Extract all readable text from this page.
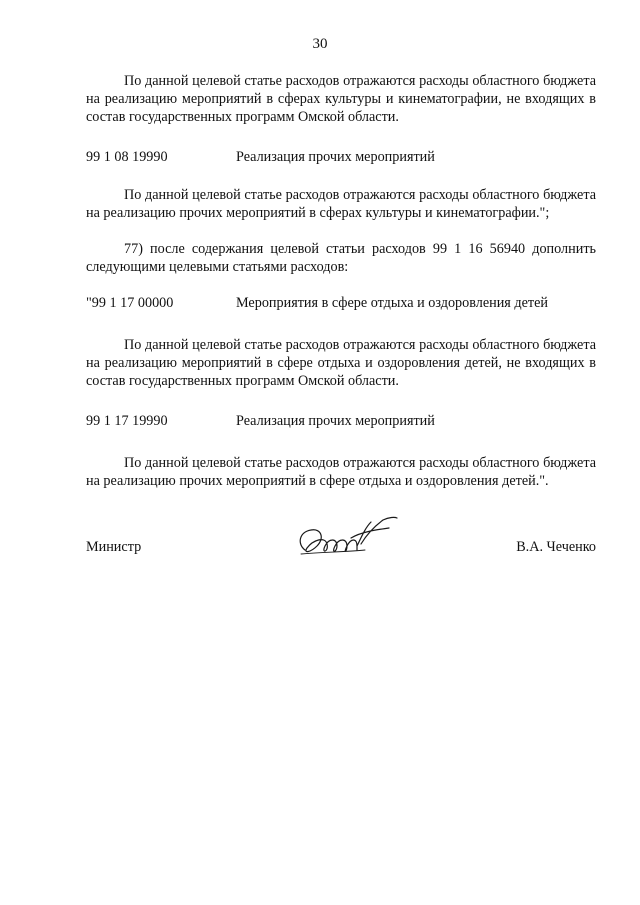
30
По данной целевой статье расходов отражаются расходы областного бюджета на реализацию мероприятий в сферах культуры и кинематографии, не входящих в состав государственных программ Омской области.
99 1 08 19990	Реализация прочих мероприятий
По данной целевой статье расходов отражаются расходы областного бюджета на реализацию прочих мероприятий в сферах культуры и кинематографии.";
77) после содержания целевой статьи расходов 99 1 16 56940 дополнить следующими целевыми статьями расходов:
"99 1 17 00000	Мероприятия в сфере отдыха и оздоровления детей
По данной целевой статье расходов отражаются расходы областного бюджета на реализацию мероприятий в сфере отдыха и оздоровления детей, не входящих в состав государственных программ Омской области.
99 1 17 19990	Реализация прочих мероприятий
По данной целевой статье расходов отражаются расходы областного бюджета на реализацию прочих мероприятий в сфере отдыха и оздоровления детей.".
Министр	В.А. Чеченко
